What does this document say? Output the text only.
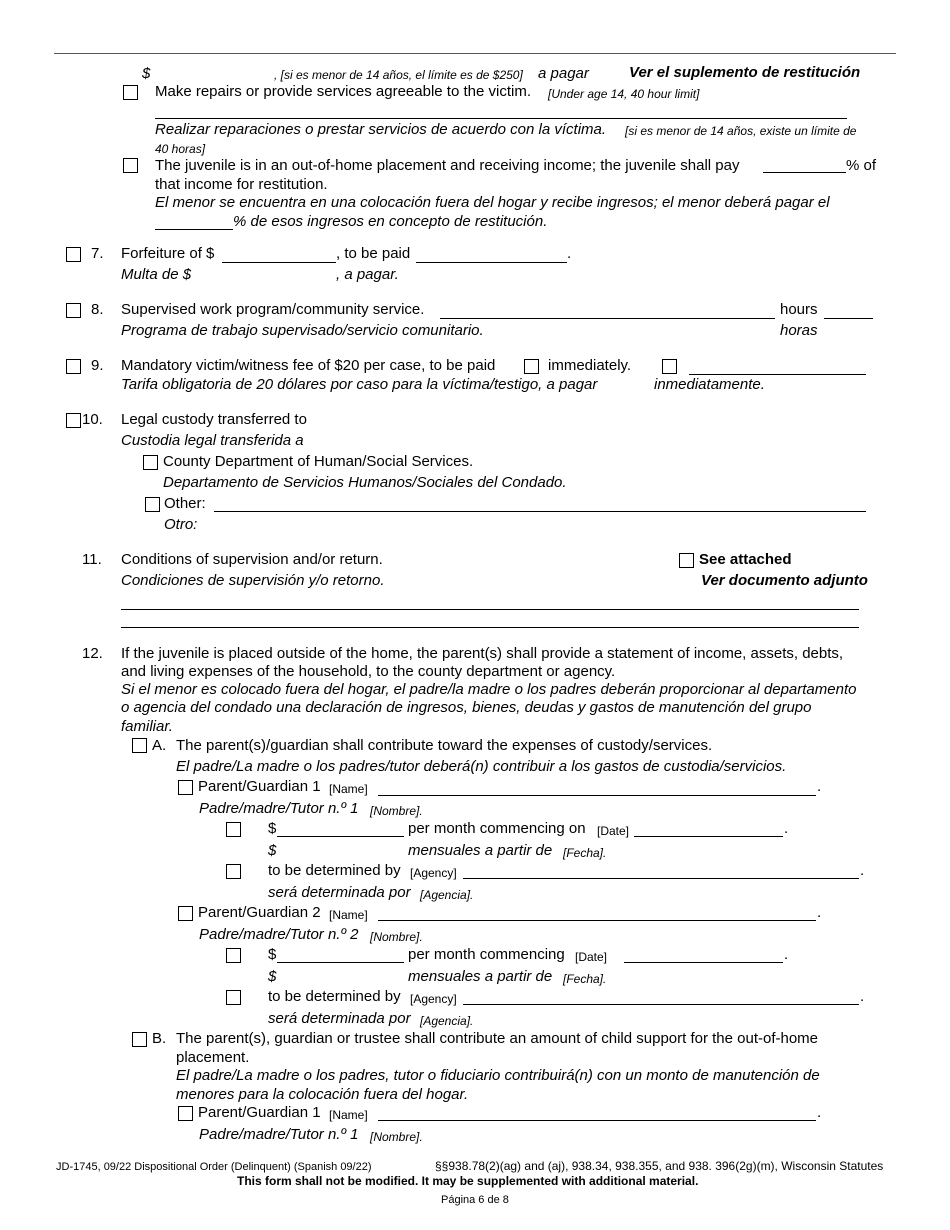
$	, [si es menor de 14 años, el límite es de $250] a pagar	Ver el suplemento de restitución
Make repairs or provide services agreeable to the victim. [Under age 14, 40 hour limit]
Realizar reparaciones o prestar servicios de acuerdo con la víctima. [si es menor de 14 años, existe un límite de
40 horas]
The juvenile is in an out-of-home placement and receiving income; the juvenile shall pay	% of
that income for restitution.
El menor se encuentra en una colocación fuera del hogar y recibe ingresos; el menor deberá pagar el
% de esos ingresos en concepto de restitución.
7. Forfeiture of $	, to be paid	.
Multa de $	, a pagar.
8. Supervised work program/community service.	hours
Programa de trabajo supervisado/servicio comunitario.	horas
9. Mandatory victim/witness fee of $20 per case, to be paid	immediately.
Tarifa obligatoria de 20 dólares por caso para la víctima/testigo, a pagar	inmediatamente.
10. Legal custody transferred to
Custodia legal transferida a
County Department of Human/Social Services.
Departamento de Servicios Humanos/Sociales del Condado.
Other:
Otro:
11. Conditions of supervision and/or return.	See attached
Condiciones de supervisión y/o retorno.	Ver documento adjunto
12. If the juvenile is placed outside of the home, the parent(s) shall provide a statement of income, assets, debts,
and living expenses of the household, to the county department or agency.
Si el menor es colocado fuera del hogar, el padre/la madre o los padres deberán proporcionar al departamento
o agencia del condado una declaración de ingresos, bienes, deudas y gastos de manutención del grupo
familiar.
A. The parent(s)/guardian shall contribute toward the expenses of custody/services.
El padre/La madre o los padres/tutor deberá(n) contribuir a los gastos de custodia/servicios.
Parent/Guardian 1 [Name]	.
Padre/madre/Tutor n.º 1 [Nombre].
$	per month commencing on [Date]	.
$	mensuales a partir de [Fecha].
to be determined by [Agency]	.
será determinada por [Agencia].
Parent/Guardian 2 [Name]	.
Padre/madre/Tutor n.º 2 [Nombre].
$	per month commencing [Date]	.
$	mensuales a partir de [Fecha].
to be determined by [Agency]	.
será determinada por [Agencia].
B. The parent(s), guardian or trustee shall contribute an amount of child support for the out-of-home
placement.
El padre/La madre o los padres, tutor o fiduciario contribuirá(n) con un monto de manutención de
menores para la colocación fuera del hogar.
Parent/Guardian 1 [Name]	.
Padre/madre/Tutor n.º 1 [Nombre].
JD-1745, 09/22 Dispositional Order (Delinquent) (Spanish 09/22)	§§938.78(2)(ag) and (aj), 938.34, 938.355, and 938. 396(2g)(m), Wisconsin Statutes
This form shall not be modified. It may be supplemented with additional material.
Página 6 de 8
